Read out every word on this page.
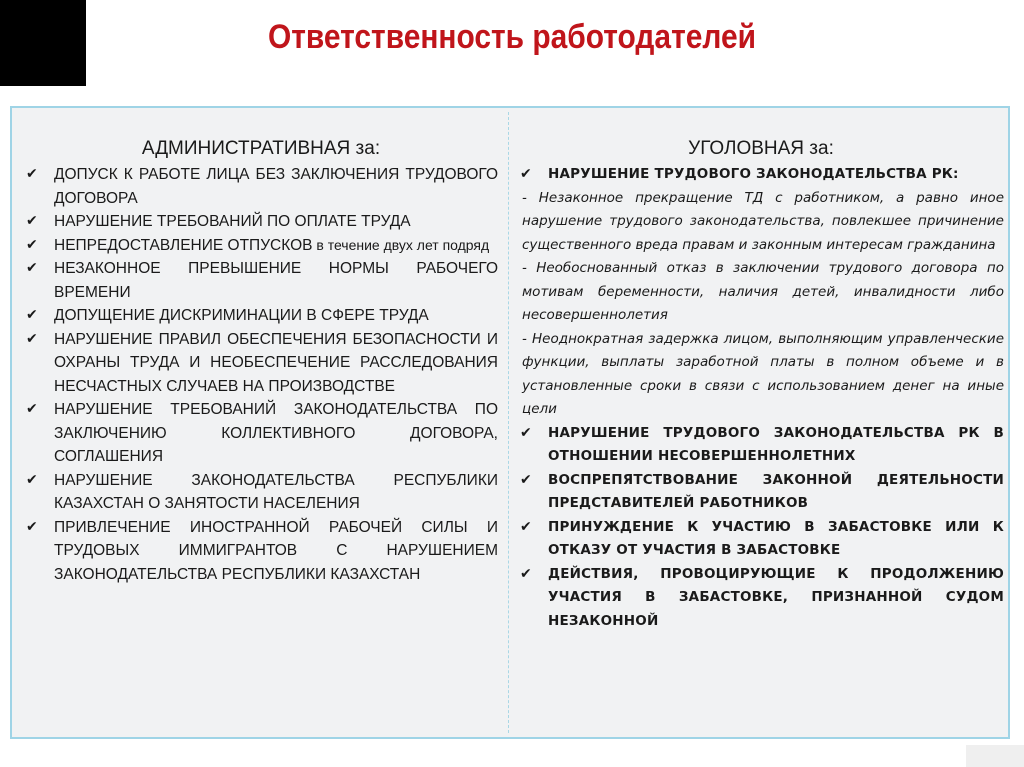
Ответственность работодателей
АДМИНИСТРАТИВНАЯ за:
✔ ДОПУСК К РАБОТЕ ЛИЦА БЕЗ ЗАКЛЮЧЕНИЯ ТРУДОВОГО ДОГОВОРА
✔ НАРУШЕНИЕ ТРЕБОВАНИЙ ПО ОПЛАТЕ ТРУДА
✔ НЕПРЕДОСТАВЛЕНИЕ ОТПУСКОВ в течение двух лет подряд
✔ НЕЗАКОННОЕ ПРЕВЫШЕНИЕ НОРМЫ РАБОЧЕГО ВРЕМЕНИ
✔ ДОПУЩЕНИЕ ДИСКРИМИНАЦИИ В СФЕРЕ ТРУДА
✔ НАРУШЕНИЕ ПРАВИЛ ОБЕСПЕЧЕНИЯ БЕЗОПАСНОСТИ И ОХРАНЫ ТРУДА И НЕОБЕСПЕЧЕНИЕ РАССЛЕДОВАНИЯ НЕСЧАСТНЫХ СЛУЧАЕВ НА ПРОИЗВОДСТВЕ
✔ НАРУШЕНИЕ ТРЕБОВАНИЙ ЗАКОНОДАТЕЛЬСТВА ПО ЗАКЛЮЧЕНИЮ КОЛЛЕКТИВНОГО ДОГОВОРА, СОГЛАШЕНИЯ
✔ НАРУШЕНИЕ ЗАКОНОДАТЕЛЬСТВА РЕСПУБЛИКИ КАЗАХСТАН О ЗАНЯТОСТИ НАСЕЛЕНИЯ
✔ ПРИВЛЕЧЕНИЕ ИНОСТРАННОЙ РАБОЧЕЙ СИЛЫ И ТРУДОВЫХ ИММИГРАНТОВ С НАРУШЕНИЕМ ЗАКОНОДАТЕЛЬСТВА РЕСПУБЛИКИ КАЗАХСТАН
УГОЛОВНАЯ за:
✔ НАРУШЕНИЕ ТРУДОВОГО ЗАКОНОДАТЕЛЬСТВА РК:

- Незаконное прекращение ТД с работником, а равно иное нарушение трудового законодательства, повлекшее причинение существенного вреда правам и законным интересам гражданина

- Необоснованный отказ в заключении трудового договора по мотивам беременности, наличия детей, инвалидности либо несовершеннолетия

- Неоднократная задержка лицом, выполняющим управленческие функции, выплаты заработной платы в полном объеме и в установленные сроки в связи с использованием денег на иные цели

✔ НАРУШЕНИЕ ТРУДОВОГО ЗАКОНОДАТЕЛЬСТВА РК В ОТНОШЕНИИ НЕСОВЕРШЕННОЛЕТНИХ
✔ ВОСПРЕПЯТСТВОВАНИЕ ЗАКОННОЙ ДЕЯТЕЛЬНОСТИ ПРЕДСТАВИТЕЛЕЙ РАБОТНИКОВ
✔ ПРИНУЖДЕНИЕ К УЧАСТИЮ В ЗАБАСТОВКЕ ИЛИ К ОТКАЗУ ОТ УЧАСТИЯ В ЗАБАСТОВКЕ
✔ ДЕЙСТВИЯ, ПРОВОЦИРУЮЩИЕ К ПРОДОЛЖЕНИЮ УЧАСТИЯ В ЗАБАСТОВКЕ, ПРИЗНАННОЙ СУДОМ НЕЗАКОННОЙ
